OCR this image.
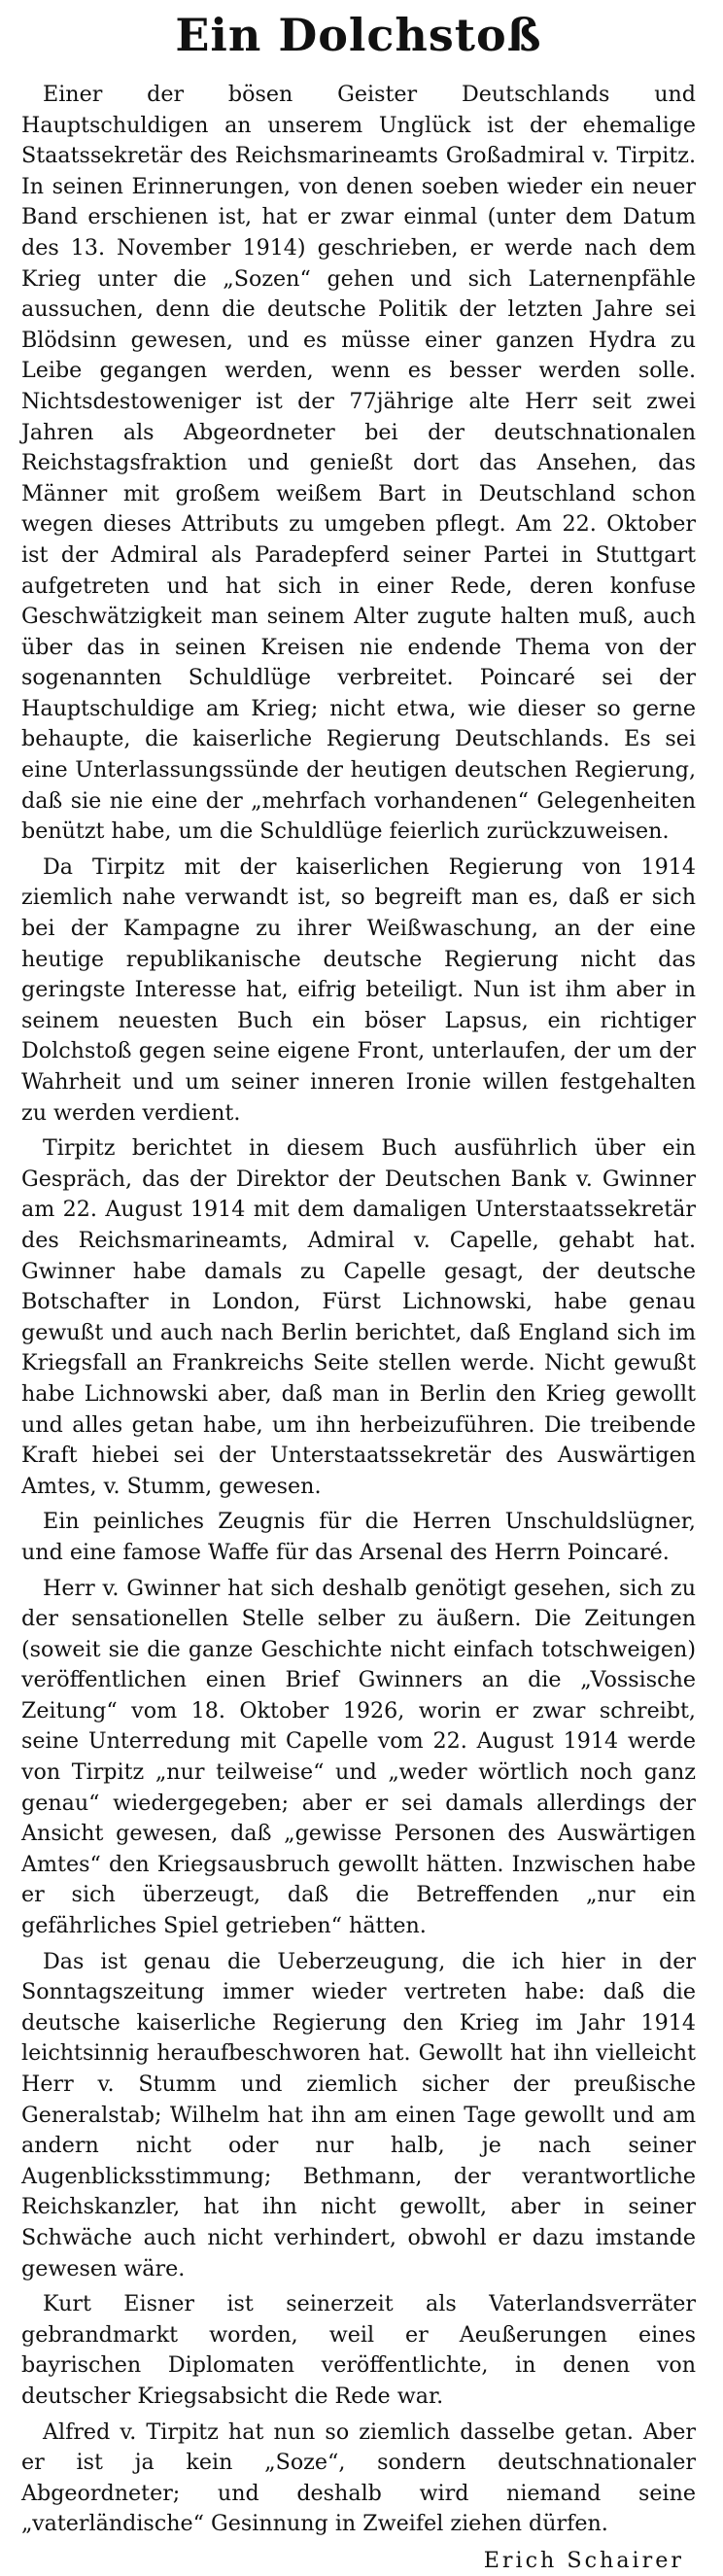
Ein Dolchstoß

Einer der bösen Geister Deutschlands und Hauptschuldigen an unserem Unglück ist der ehemalige Staatssekretär des Reichsmarineamts Großadmiral v. Tirpitz. In seinen Erinnerungen, von denen soeben wieder ein neuer Band erschienen ist, hat er zwar einmal (unter dem Datum des 13. November 1914) geschrieben, er werde nach dem Krieg unter die „Sozen“ gehen und sich Laternenpfähle aussuchen, denn die deutsche Politik der letzten Jahre sei Blödsinn gewesen, und es müsse einer ganzen Hydra zu Leibe gegangen werden, wenn es besser werden solle. Nichtsdestoweniger ist der 77jährige alte Herr seit zwei Jahren als Abgeordneter bei der deutschnationalen Reichstagsfraktion und genießt dort das Ansehen, das Männer mit großem weißem Bart in Deutschland schon wegen dieses Attributs zu umgeben pflegt. Am 22. Oktober ist der Admiral als Paradepferd seiner Partei in Stuttgart aufgetreten und hat sich in einer Rede, deren konfuse Geschwätzigkeit man seinem Alter zugute halten muß, auch über das in seinen Kreisen nie endende Thema von der sogenannten Schuldlüge verbreitet. Poincaré sei der Hauptschuldige am Krieg; nicht etwa, wie dieser so gerne behaupte, die kaiserliche Regierung Deutschlands. Es sei eine Unterlassungssünde der heutigen deutschen Regierung, daß sie nie eine der „mehrfach vorhandenen“ Gelegenheiten benützt habe, um die Schuldlüge feierlich zurückzuweisen.

Da Tirpitz mit der kaiserlichen Regierung von 1914 ziemlich nahe verwandt ist, so begreift man es, daß er sich bei der Kampagne zu ihrer Weißwaschung, an der eine heutige republikanische deutsche Regierung nicht das geringste Interesse hat, eifrig beteiligt. Nun ist ihm aber in seinem neuesten Buch ein böser Lapsus, ein richtiger Dolchstoß gegen seine eigene Front, unterlaufen, der um der Wahrheit und um seiner inneren Ironie willen festgehalten zu werden verdient.

Tirpitz berichtet in diesem Buch ausführlich über ein Gespräch, das der Direktor der Deutschen Bank v. Gwinner am 22. August 1914 mit dem damaligen Unterstaatssekretär des Reichsmarineamts, Admiral v. Capelle, gehabt hat. Gwinner habe damals zu Capelle gesagt, der deutsche Botschafter in London, Fürst Lichnowski, habe genau gewußt und auch nach Berlin berichtet, daß England sich im Kriegsfall an Frankreichs Seite stellen werde. Nicht gewußt habe Lichnowski aber, daß man in Berlin den Krieg gewollt und alles getan habe, um ihn herbeizuführen. Die treibende Kraft hiebei sei der Unterstaatssekretär des Auswärtigen Amtes, v. Stumm, gewesen.

Ein peinliches Zeugnis für die Herren Unschuldslügner, und eine famose Waffe für das Arsenal des Herrn Poincaré.

Herr v. Gwinner hat sich deshalb genötigt gesehen, sich zu der sensationellen Stelle selber zu äußern. Die Zeitungen (soweit sie die ganze Geschichte nicht einfach totschweigen) veröffentlichen einen Brief Gwinners an die „Vossische Zeitung“ vom 18. Oktober 1926, worin er zwar schreibt, seine Unterredung mit Capelle vom 22. August 1914 werde von Tirpitz „nur teilweise“ und „weder wörtlich noch ganz genau“ wiedergegeben; aber er sei damals allerdings der Ansicht gewesen, daß „gewisse Personen des Auswärtigen Amtes“ den Kriegsausbruch gewollt hätten. Inzwischen habe er sich überzeugt, daß die Betreffenden „nur ein gefährliches Spiel getrieben“ hätten.

Das ist genau die Ueberzeugung, die ich hier in der Sonntagszeitung immer wieder vertreten habe: daß die deutsche kaiserliche Regierung den Krieg im Jahr 1914 leichtsinnig heraufbeschworen hat. Gewollt hat ihn vielleicht Herr v. Stumm und ziemlich sicher der preußische Generalstab; Wilhelm hat ihn am einen Tage gewollt und am andern nicht oder nur halb, je nach seiner Augenblicksstimmung; Bethmann, der verantwortliche Reichskanzler, hat ihn nicht gewollt, aber in seiner Schwäche auch nicht verhindert, obwohl er dazu imstande gewesen wäre.

Kurt Eisner ist seinerzeit als Vaterlandsverräter gebrandmarkt worden, weil er Aeußerungen eines bayrischen Diplomaten veröffentlichte, in denen von deutscher Kriegsabsicht die Rede war.

Alfred v. Tirpitz hat nun so ziemlich dasselbe getan. Aber er ist ja kein „Soze“, sondern deutschnationaler Abgeordneter; und deshalb wird niemand seine „vaterländische“ Gesinnung in Zweifel ziehen dürfen.

Erich Schairer
